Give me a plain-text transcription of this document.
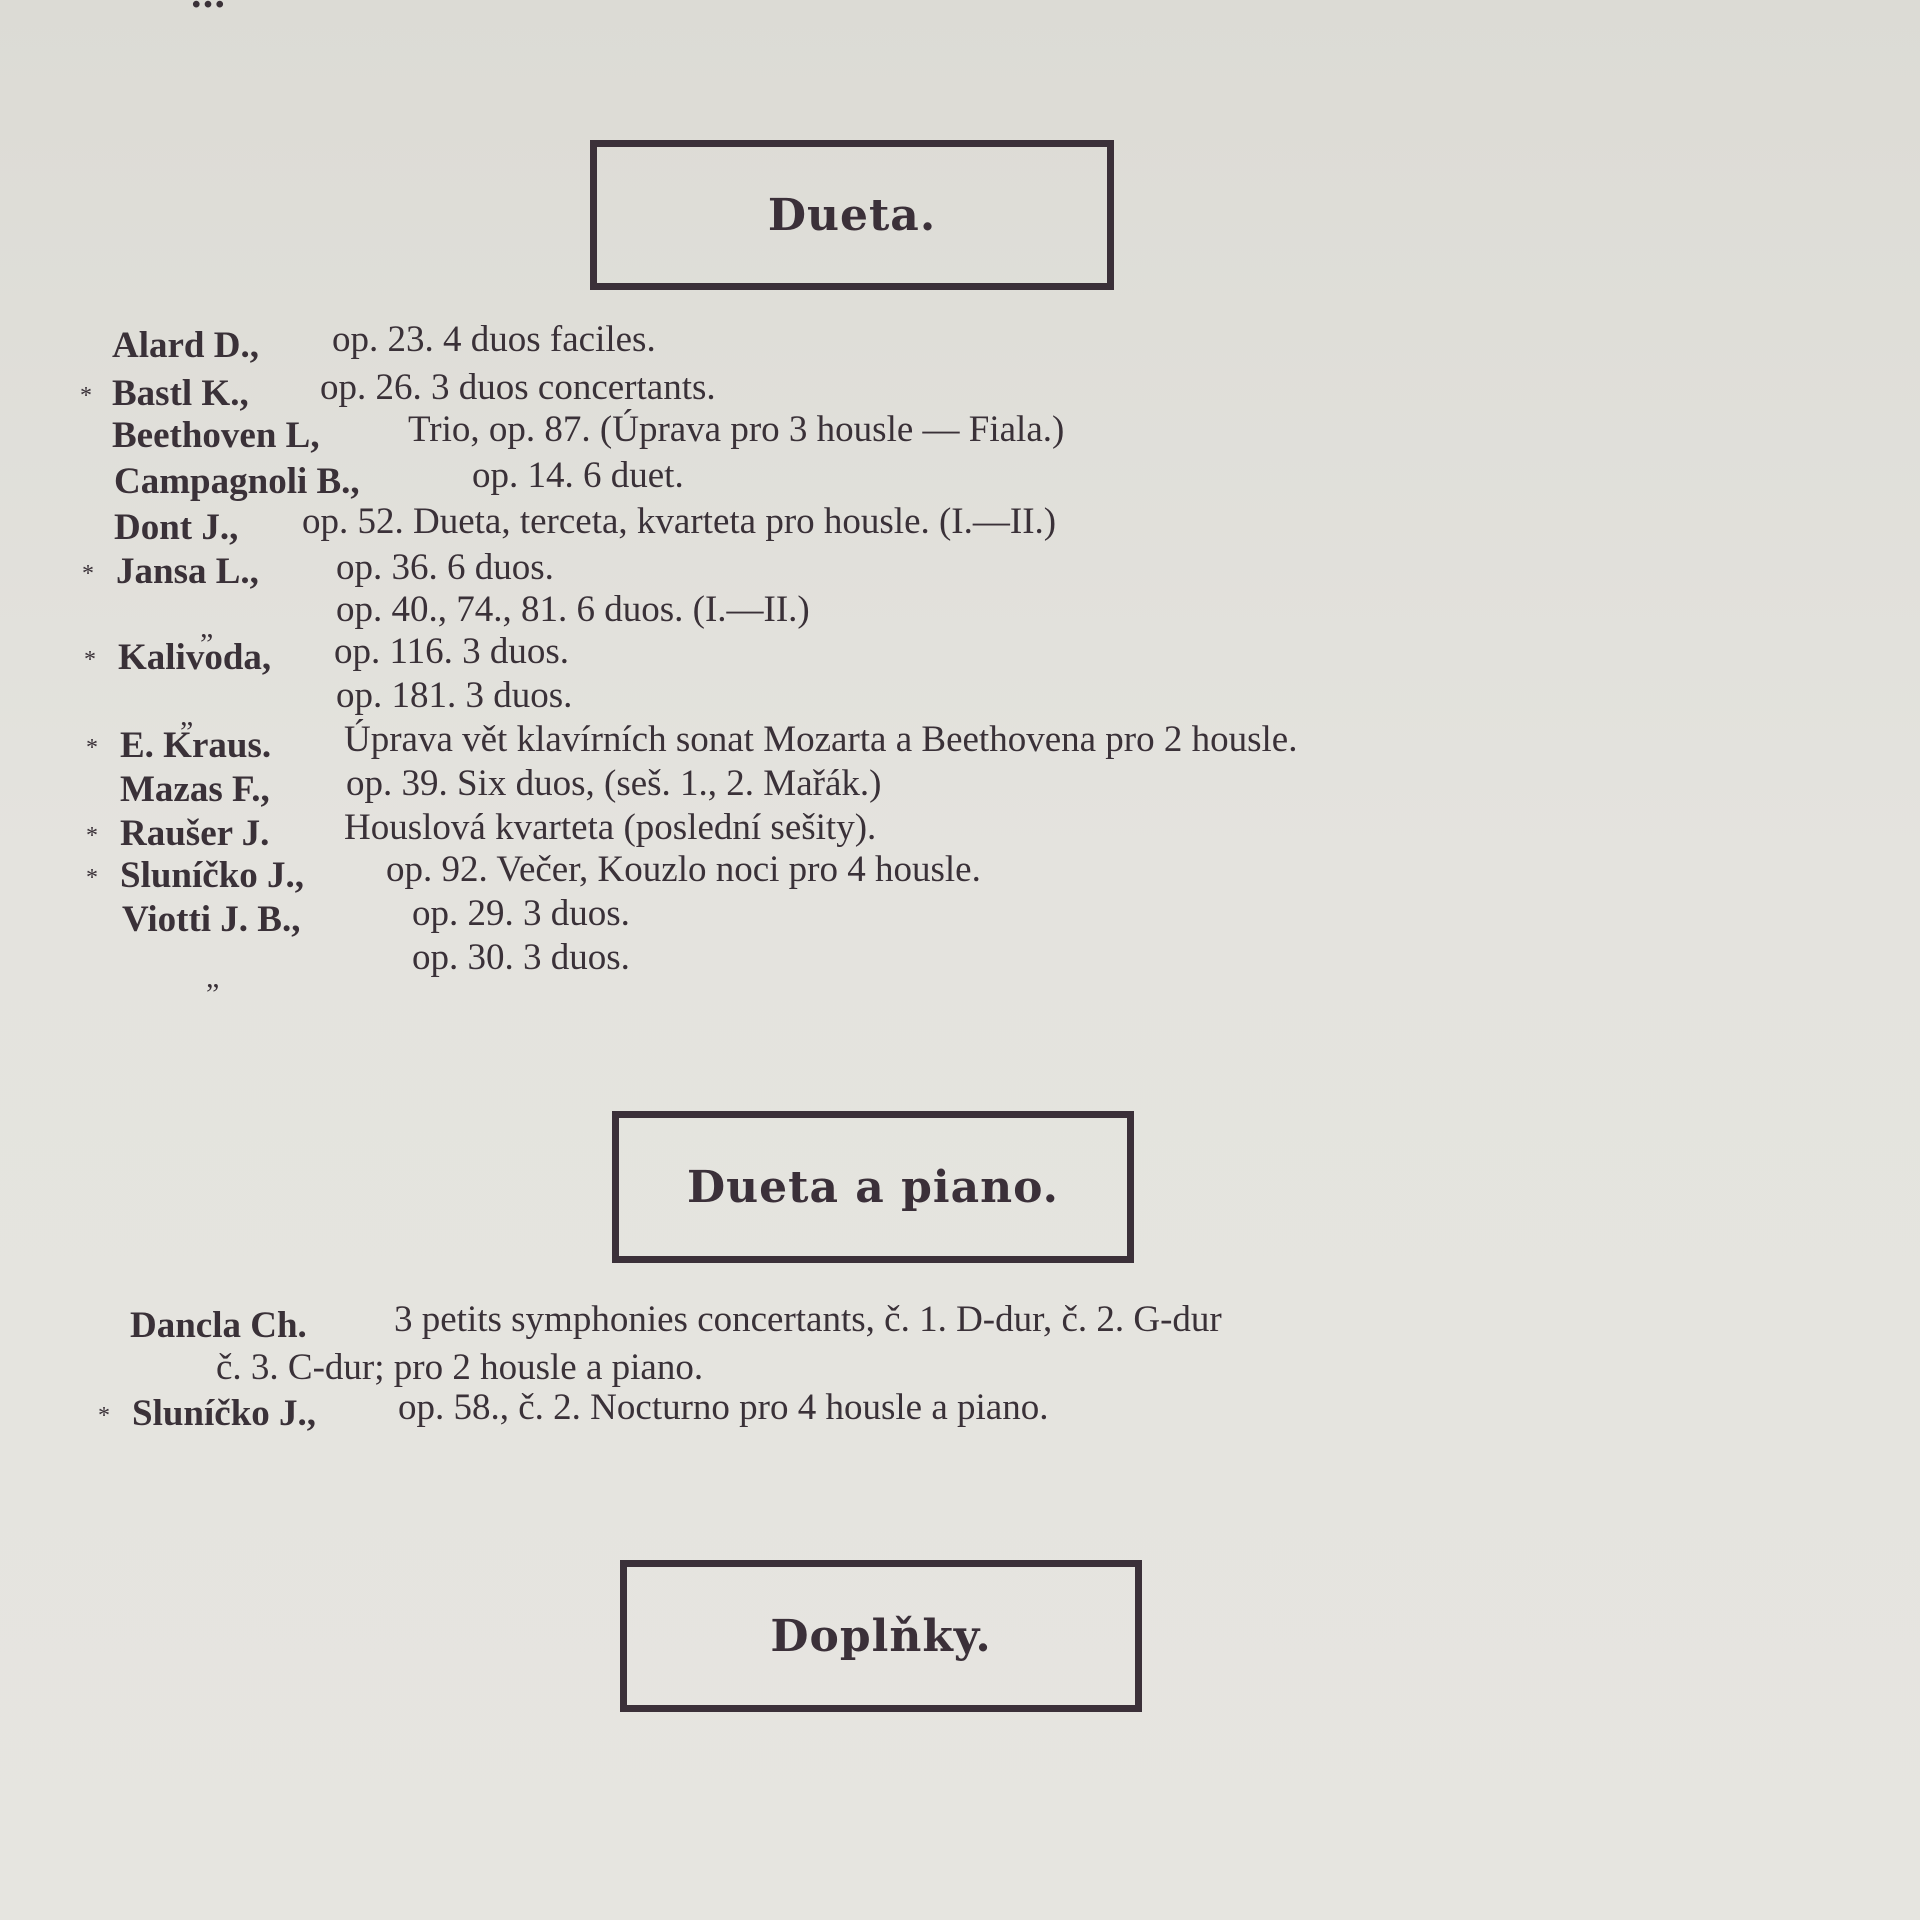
Dueta.
Alard D., op. 23. 4 duos faciles.
* Bastl K., op. 26. 3 duos concertants.
Beethoven L, Trio, op. 87. (Úprava pro 3 housle — Fiala.)
Campagnoli B.,	op. 14. 6 duet.
Dont J., op. 52. Dueta, terceta, kvarteta pro housle. (I.—II.)
* Jansa L., op. 36. 6 duos.
„	op. 40., 74., 81. 6 duos. (I.—II.)
* Kalivoda, op. 116. 3 duos.
„	op. 181. 3 duos.
* E. Kraus. Úprava vět klavírních sonat Mozarta a Beethovena pro 2 housle.
Mazas F., op. 39. Six duos, (seš. 1., 2. Mařák.)
* Raušer J. Houslová kvarteta (poslední sešity).
* Sluníčko J., op. 92. Večer, Kouzlo noci pro 4 housle.
Viotti J. B.,	op. 29. 3 duos.
„	op. 30. 3 duos.
Dancla Ch. 3 petits symphonies concertants, č. 1. D-dur, č. 2. G-dur
č. 3. C-dur; pro 2 housle a piano.
* Sluníčko J., op. 58., č. 2. Nocturno pro 4 housle a piano.
Dueta a piano.
Doplňky.
